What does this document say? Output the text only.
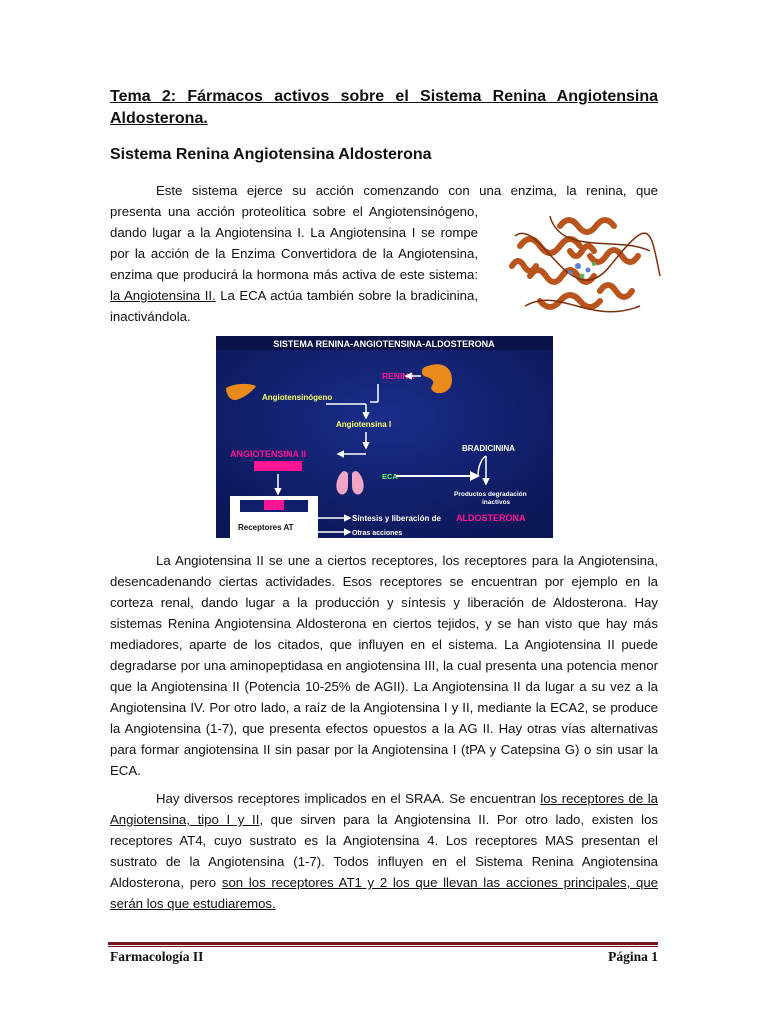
Tema 2: Fármacos activos sobre el Sistema Renina Angiotensina Aldosterona.
Sistema Renina Angiotensina Aldosterona
Este sistema ejerce su acción comenzando con una enzima, la renina, que
presenta una acción proteolítica sobre el Angiotensinógeno, dando lugar a la Angiotensina I. La Angiotensina I se rompe por la acción de la Enzima Convertidora de la Angiotensina, enzima que producirá la hormona más activa de este sistema: la Angiotensina II. La ECA actúa también sobre la bradicinina, inactivándola.
SISTEMA RENINA-ANGIOTENSINA-ALDOSTERONA
RENINA
Angiotensinógeno
Angiotensina I
ANGIOTENSINA II
BRADICININA
ECA
Productos degradación
inactivos
Receptores AT
Síntesis y liberación de ALDOSTERONA
Otras acciones
La Angiotensina II se une a ciertos receptores, los receptores para la Angiotensina, desencadenando ciertas actividades. Esos receptores se encuentran por ejemplo en la corteza renal, dando lugar a la producción y síntesis y liberación de Aldosterona. Hay sistemas Renina Angiotensina Aldosterona en ciertos tejidos, y se han visto que hay más mediadores, aparte de los citados, que influyen en el sistema. La Angiotensina II puede degradarse por una aminopeptidasa en angiotensina III, la cual presenta una potencia menor que la Angiotensina II (Potencia 10-25% de AGII). La Angiotensina II da lugar a su vez a la Angiotensina IV. Por otro lado, a raíz de la Angiotensina I y II, mediante la ECA2, se produce la Angiotensina (1-7), que presenta efectos opuestos a la AG II. Hay otras vías alternativas para formar angiotensina II sin pasar por la Angiotensina I (tPA y Catepsina G) o sin usar la ECA.
Hay diversos receptores implicados en el SRAA. Se encuentran los receptores de la Angiotensina, tipo I y II, que sirven para la Angiotensina II. Por otro lado, existen los receptores AT4, cuyo sustrato es la Angiotensina 4. Los receptores MAS presentan el sustrato de la Angiotensina (1-7). Todos influyen en el Sistema Renina Angiotensina Aldosterona, pero son los receptores AT1 y 2 los que llevan las acciones principales, que serán los que estudiaremos.
Farmacología II	Página 1
